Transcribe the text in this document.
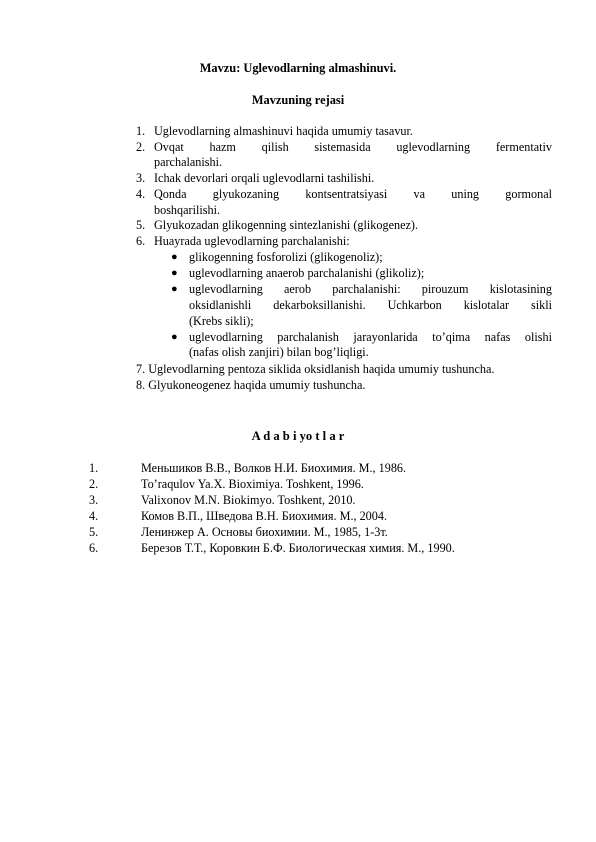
Mavzu: Uglevodlarning almashinuvi.
Mavzuning rejasi
1. Uglevodlarning almashinuvi haqida umumiy tasavur.
2. Ovqat hazm qilish sistemasida uglevodlarning fermentativ
parchalanishi.
3. Ichak devorlari orqali uglevodlarni tashilishi.
4. Qonda glyukozaning kontsentratsiyasi va uning gormonal
boshqarilishi.
5. Glyukozadan glikogenning sintezlanishi (glikogenez).
6. Huayrada uglevodlarning parchalanishi:
● glikogenning fosforolizi (glikogenoliz);
● uglevodlarning anaerob parchalanishi (glikoliz);
● uglevodlarning aerob parchalanishi: pirouzum kislotasining
oksidlanishli dekarboksillanishi. Uchkarbon kislotalar sikli
(Krebs sikli);
● uglevodlarning parchalanish jarayonlarida to’qima nafas olishi
(nafas olish zanjiri) bilan bog’liqligi.
7. Uglevodlarning pentoza siklida oksidlanish haqida umumiy tushuncha.
8. Glyukoneogenez haqida umumiy tushuncha.
A d a b i yo t l a r
1.	Меньшиков В.В., Волков Н.И. Биохимия. М., 1986.
2.	To’raqulov Ya.X. Bioximiya. Toshkent, 1996.
3.	Valixonov M.N. Biokimyo. Toshkent, 2010.
4.	Комов В.П., Шведова В.Н. Биохимия. М., 2004.
5.	Ленинжер А. Основы биохимии. М., 1985, 1-3т.
6.	Березов Т.Т., Коровкин Б.Ф. Биологическая химия. М., 1990.
